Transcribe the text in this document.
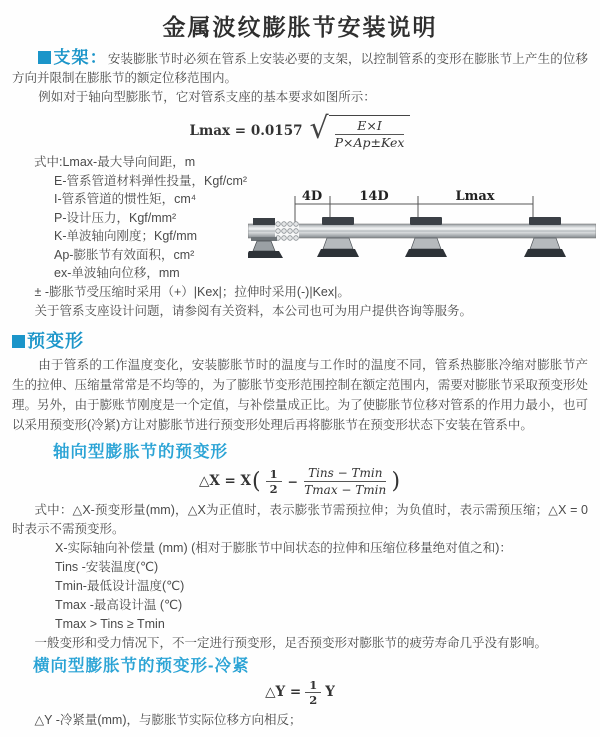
金属波纹膨胀节安装说明

支架：安装膨胀节时必须在管系上安装必要的支架，以控制管系的变形在膨胀节上产生的位移方向并限制在膨胀节的额定位移范围内。

例如对于轴向型膨胀节，它对管系支座的基本要求如图所示：

Lmax = 0.0157 √	E×I
P×Ap±Kex
式中:Lmax-最大导向间距，m
E-管系管道材料弹性投量，Kgf/cm²
I-管系管道的惯性矩，cm⁴
P-设计压力，Kgf/mm²
K-单波轴向刚度；Kgf/mm
Ap-膨胀节有效面积，cm²
ex-单波轴向位移，mm

± -膨胀节受压缩时采用（+）|Kex|；拉伸时采用(-)|Kex|。

关于管系支座设计问题，请参阅有关资料，本公司也可为用户提供咨询等服务。

4D	14D	Lmax
预变形

由于管系的工作温度变化，安装膨胀节时的温度与工作时的温度不同，管系热膨胀冷缩对膨胀节产生的拉伸、压缩量常常是不均等的，为了膨胀节变形范围控制在额定范围内，需要对膨胀节采取预变形处理。另外，由于膨账节刚度是一个定值，与补偿量成正比。为了使膨胀节位移对管系的作用力最小，也可以采用预变形(冷紧)方让对膨胀节进行预变形处理后再将膨胀节在预变形状态下安装在管系中。

轴向型膨胀节的预变形
△X = X ( $\frac{1}{2} - \frac{\text{Tins − Tmin}}{Tmax - Tmin}$ )

式中：△X-预变形量(mm)，△X为正值时，表示膨张节需预拉伸；为负值时，表示需预压缩；△X = 0时表示不需预变形。

X-实际轴向补偿量 (mm) (相对于膨胀节中间状态的拉伸和压缩位移量绝对值之和)：
Tins -安装温度(℃)
Tmin-最低设计温度(℃)
Tmax -最高设计温 (℃)
Tmax > Tins ≥ Tmin

一般变形和受力情况下，不一定进行预变形，足否预变形对膨胀节的疲劳寿命几乎没有影响。

横向型膨胀节的预变形-冷紧
△Y = $\frac{1}{2}$ Y

△Y -冷紧量(mm)，与膨胀节实际位移方向相反；
